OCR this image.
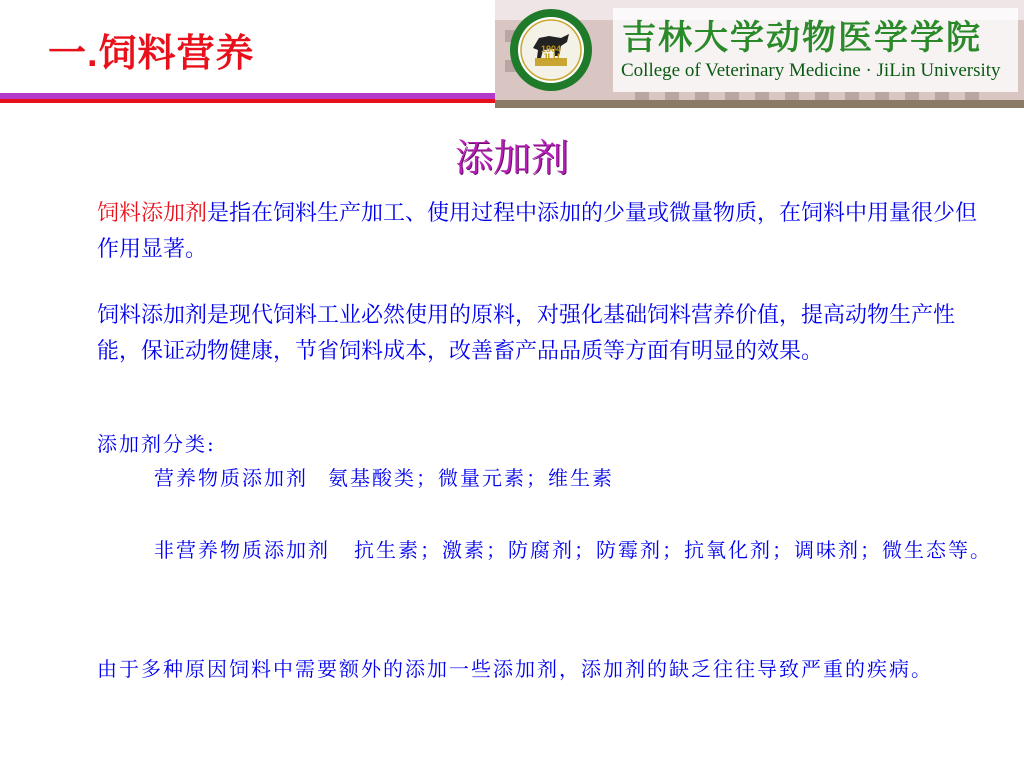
一.饲料营养	JLU
1904	吉林大学动物医学学院
College of Veterinary Medicine · JiLin University
添加剂
饲料添加剂是指在饲料生产加工、使用过程中添加的少量或微量物质，在饲料中用量很少但作用显著。
饲料添加剂是现代饲料工业必然使用的原料，对强化基础饲料营养价值，提高动物生产性能，保证动物健康，节省饲料成本，改善畜产品品质等方面有明显的效果。
添加剂分类:
营养物质添加剂 氨基酸类；微量元素；维生素
非营养物质添加剂 抗生素；激素；防腐剂；防霉剂；抗氧化剂；调味剂；微生态等。
由于多种原因饲料中需要额外的添加一些添加剂，添加剂的缺乏往往导致严重的疾病。
